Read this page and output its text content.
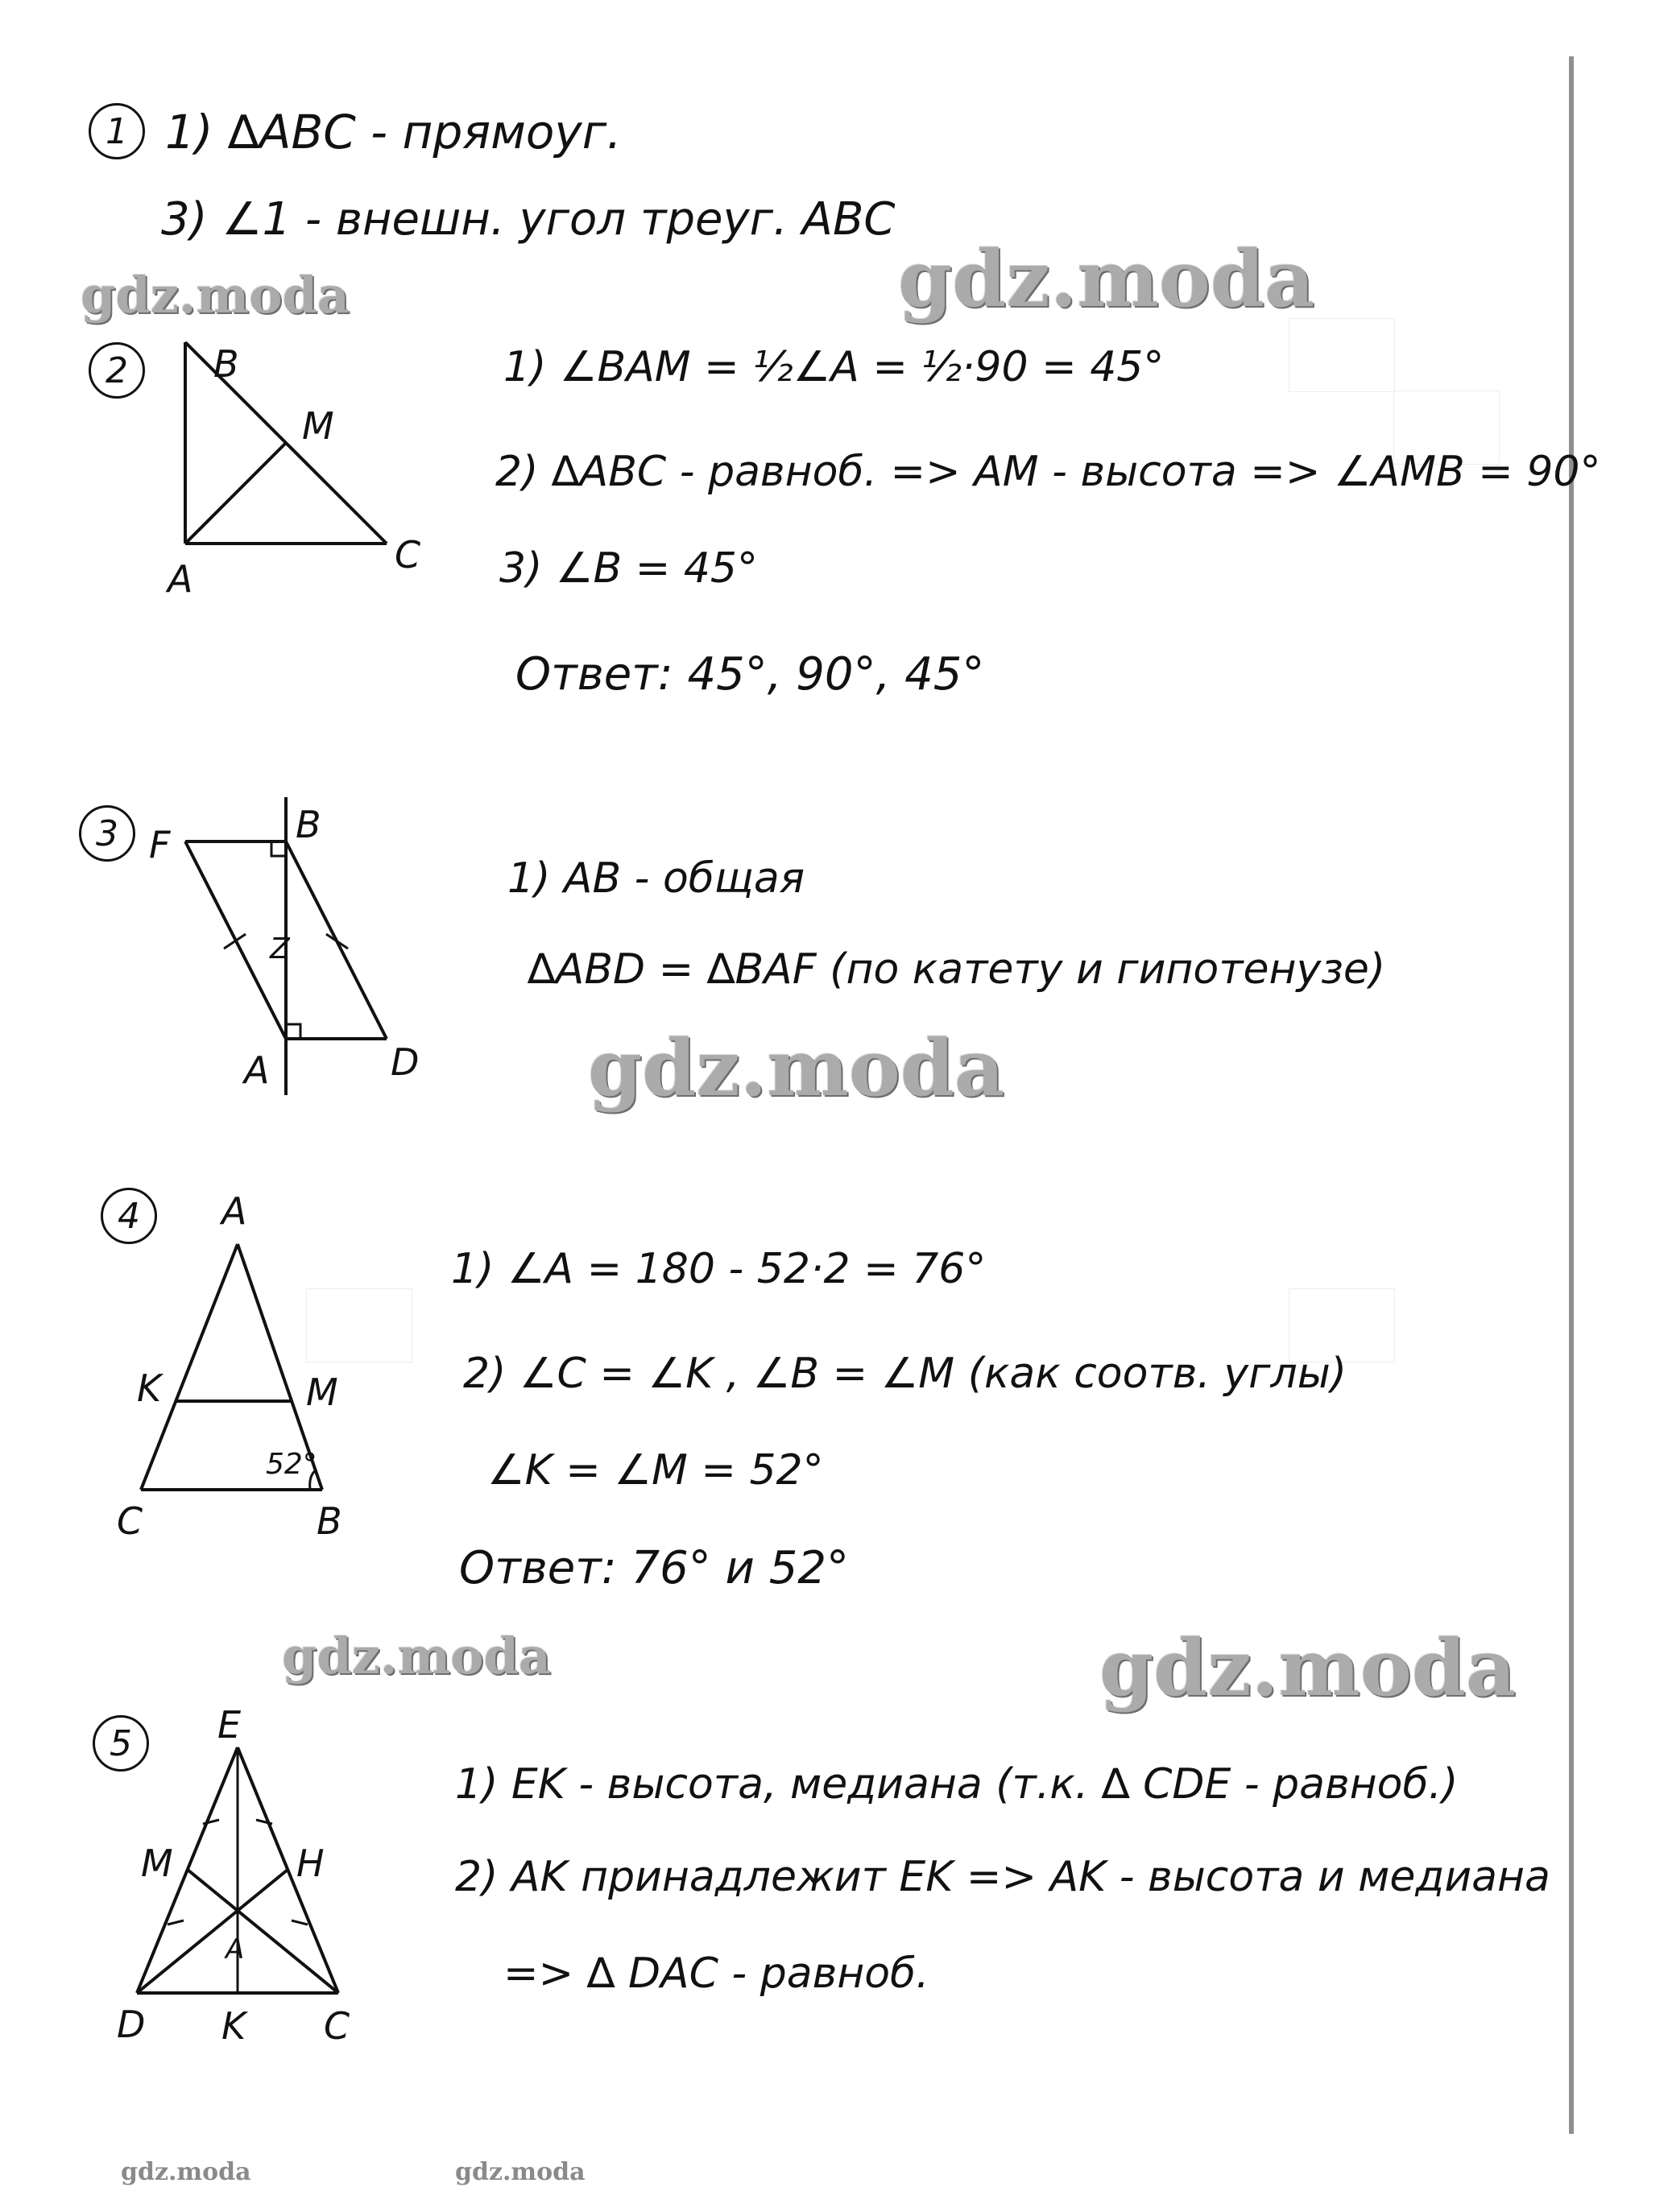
gdz.moda	gdz.moda
gdz.moda
gdz.moda	gdz.moda
gdz.moda	gdz.moda
1 1) ∆ABC - прямоуг.
3) ∠1 - внешн. угол треуг. ABC
2	B
M
A
C
1) ∠BAM = ½∠A = ½·90 = 45°
2) ∆ABC - равноб. => AM - высота => ∠AMB = 90°
3) ∠B = 45°
Ответ: 45°, 90°, 45°
3 F	B
Z
A	D
1) AB - общая
∆ABD = ∆BAF (по катету и гипотенузе)
4	A
K	M
52°
C	B
1) ∠A = 180 - 52·2 = 76°
2) ∠C = ∠K , ∠B = ∠M (как соотв. углы)
∠K = ∠M = 52°
Ответ: 76° и 52°
5	E
M	H
A
D K C
1) EK - высота, медиана (т.к. ∆ CDE - равноб.)
2) AK принадлежит EK => AK - высота и медиана
=> ∆ DAC - равноб.
